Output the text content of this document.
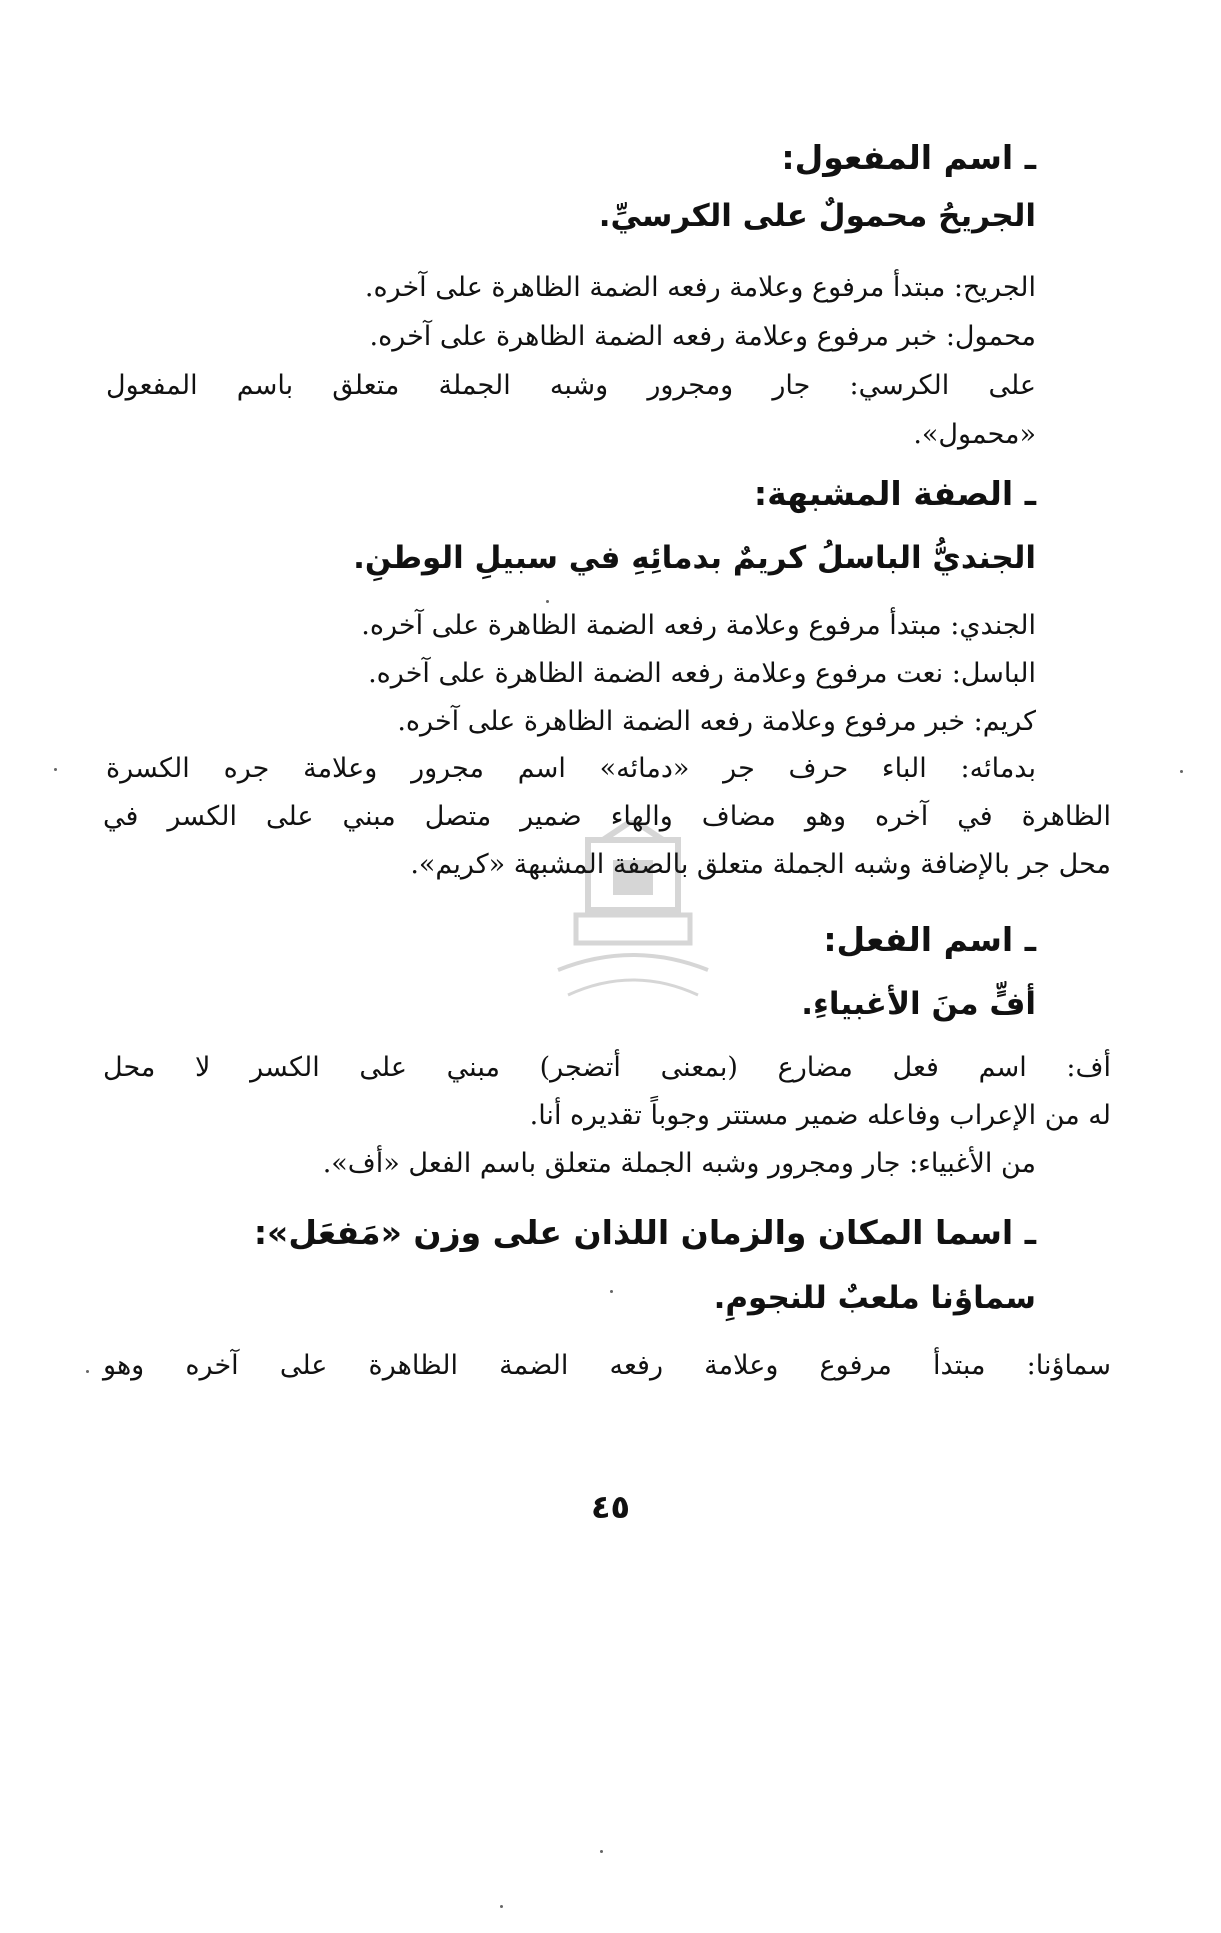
ـ اسم المفعول:
الجريحُ محمولٌ على الكرسيِّ.
الجريح: مبتدأ مرفوع وعلامة رفعه الضمة الظاهرة على آخره.
محمول: خبر مرفوع وعلامة رفعه الضمة الظاهرة على آخره.
على الكرسي: جار ومجرور وشبه الجملة متعلق باسم المفعول
«محمول».
ـ الصفة المشبهة:
الجنديُّ الباسلُ كريمٌ بدمائِهِ في سبيلِ الوطنِ.
الجندي: مبتدأ مرفوع وعلامة رفعه الضمة الظاهرة على آخره.
الباسل: نعت مرفوع وعلامة رفعه الضمة الظاهرة على آخره.
كريم: خبر مرفوع وعلامة رفعه الضمة الظاهرة على آخره.
بدمائه: الباء حرف جر «دمائه» اسم مجرور وعلامة جره الكسرة
الظاهرة في آخره وهو مضاف والهاء ضمير متصل مبني على الكسر في
محل جر بالإضافة وشبه الجملة متعلق بالصفة المشبهة «كريم».
ـ اسم الفعل:
أفٍّ منَ الأغبياءِ.
أف: اسم فعل مضارع (بمعنى أتضجر) مبني على الكسر لا محل
له من الإعراب وفاعله ضمير مستتر وجوباً تقديره أنا.
من الأغبياء: جار ومجرور وشبه الجملة متعلق باسم الفعل «أف».
ـ اسما المكان والزمان اللذان على وزن «مَفعَل»:
سماؤنا ملعبٌ للنجومِ.
سماؤنا: مبتدأ مرفوع وعلامة رفعه الضمة الظاهرة على آخره وهو
٤٥
